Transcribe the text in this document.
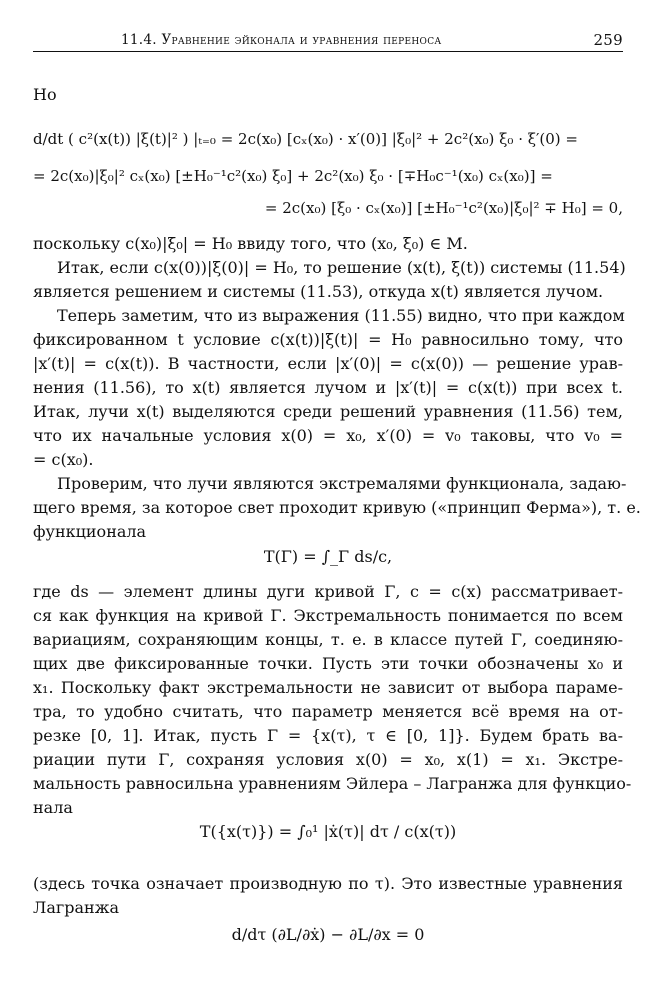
11.4. Уравнение эйконала и уравнения переноса	259
Но
d/dt ( c²(x(t)) |ξ(t)|² ) |ₜ₌₀ = 2c(x₀) [cₓ(x₀) · x′(0)] |ξ₀|² + 2c²(x₀) ξ₀ · ξ′(0) =
= 2c(x₀)|ξ₀|² cₓ(x₀) [±H₀⁻¹c²(x₀) ξ₀] + 2c²(x₀) ξ₀ · [∓H₀c⁻¹(x₀) cₓ(x₀)] =
= 2c(x₀) [ξ₀ · cₓ(x₀)] [±H₀⁻¹c²(x₀)|ξ₀|² ∓ H₀] = 0,
поскольку c(x₀)|ξ₀| = H₀ ввиду того, что (x₀, ξ₀) ∈ M.
Итак, если c(x(0))|ξ(0)| = H₀, то решение (x(t), ξ(t)) системы (11.54)
является решением и системы (11.53), откуда x(t) является лучом.
Теперь заметим, что из выражения (11.55) видно, что при каждом
фиксированном t условие c(x(t))|ξ(t)| = H₀ равносильно тому, что
|x′(t)| = c(x(t)). В частности, если |x′(0)| = c(x(0)) — решение урав-
нения (11.56), то x(t) является лучом и |x′(t)| = c(x(t)) при всех t.
Итак, лучи x(t) выделяются среди решений уравнения (11.56) тем,
что их начальные условия x(0) = x₀, x′(0) = v₀ таковы, что v₀ =
= c(x₀).
Проверим, что лучи являются экстремалями функционала, задаю-
щего время, за которое свет проходит кривую («принцип Ферма»), т. е.
функционала
T(Γ) = ∫_Γ ds/c,
где ds — элемент длины дуги кривой Γ, c = c(x) рассматривает-
ся как функция на кривой Γ. Экстремальность понимается по всем
вариациям, сохраняющим концы, т. е. в классе путей Γ, соединяю-
щих две фиксированные точки. Пусть эти точки обозначены x₀ и
x₁. Поскольку факт экстремальности не зависит от выбора параме-
тра, то удобно считать, что параметр меняется всё время на от-
резке [0, 1]. Итак, пусть Γ = {x(τ), τ ∈ [0, 1]}. Будем брать ва-
риации пути Γ, сохраняя условия x(0) = x₀, x(1) = x₁. Экстре-
мальность равносильна уравнениям Эйлера – Лагранжа для функцио-
нала
T({x(τ)}) = ∫₀¹ |ẋ(τ)| dτ / c(x(τ))
(здесь точка означает производную по τ). Это известные уравнения
Лагранжа
d/dτ (∂L/∂ẋ) − ∂L/∂x = 0
